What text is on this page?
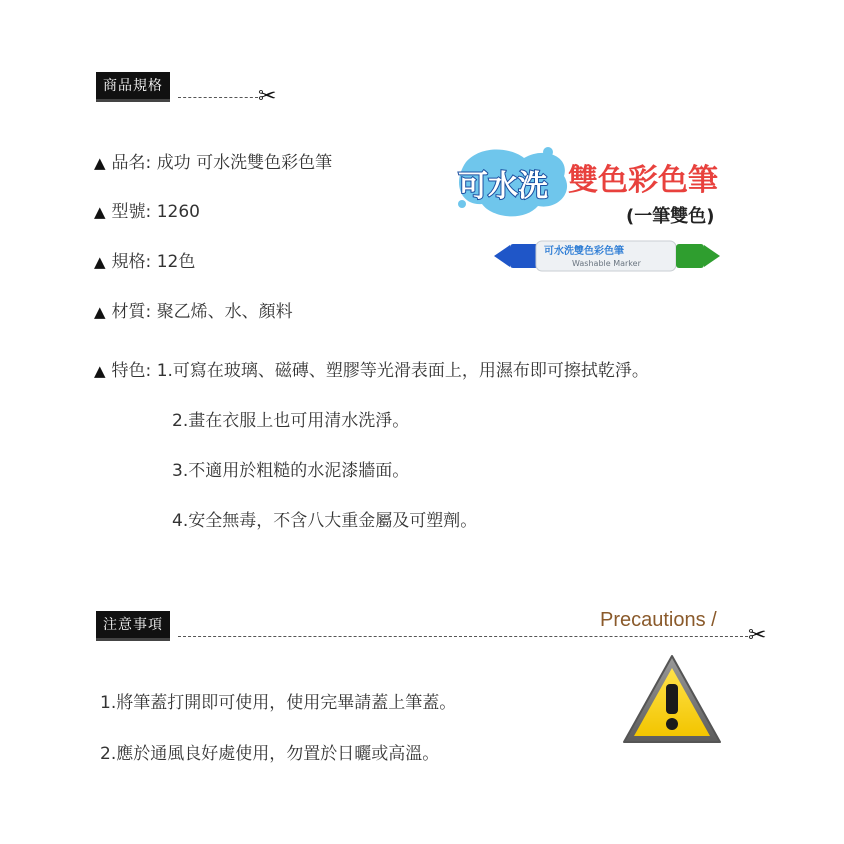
商品規格	✂
▲ 品名: 成功 可水洗雙色彩色筆
▲ 型號: 1260
▲ 規格: 12色
▲ 材質: 聚乙烯、水、顏料
▲ 特色: 1.可寫在玻璃、磁磚、塑膠等光滑表面上，用濕布即可擦拭乾淨。
2.畫在衣服上也可用清水洗淨。
3.不適用於粗糙的水泥漆牆面。
4.安全無毒，不含八大重金屬及可塑劑。
可水洗 雙色彩色筆
(一筆雙色)
可水洗雙色彩色筆
Washable Marker
注意事項	Precautions /
✂
1.將筆蓋打開即可使用，使用完畢請蓋上筆蓋。
2.應於通風良好處使用，勿置於日曬或高溫。
